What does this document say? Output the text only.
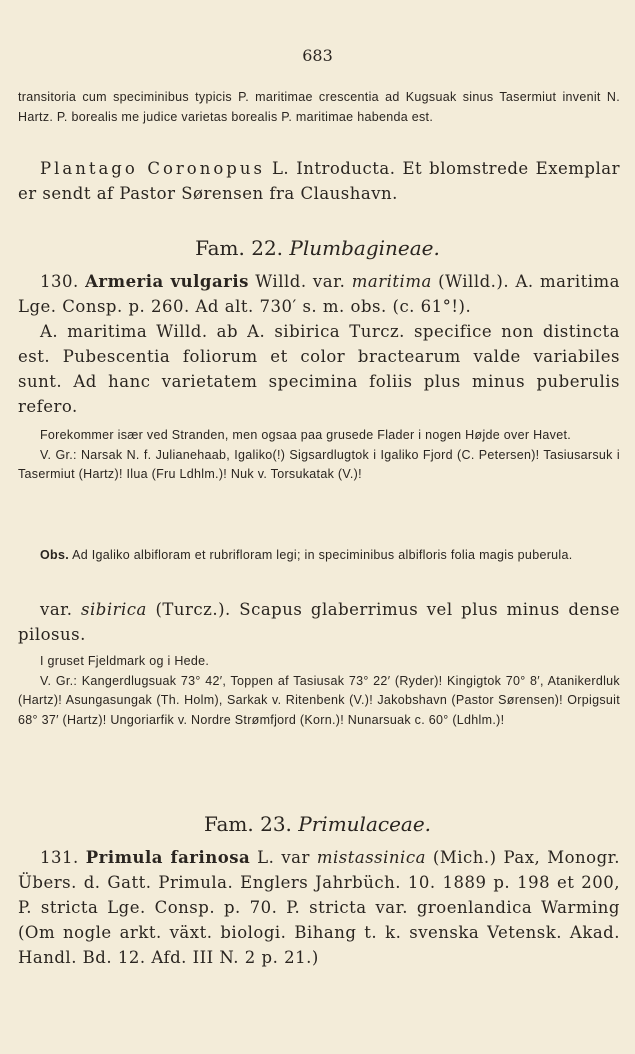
683

transitoria cum speciminibus typicis P. maritimae crescentia ad Kugsuak sinus Tasermiut invenit N. Hartz. P. borealis me judice varietas borealis P. maritimae habenda est.

Plantago Coronopus L. Introducta. Et blomstrede Exemplar er sendt af Pastor Sørensen fra Claushavn.

Fam. 22. Plumbagineae.

130. Armeria vulgaris Willd. var. maritima (Willd.). A. maritima Lge. Consp. p. 260. Ad alt. 730′ s. m. obs. (c. 61°!).

A. maritima Willd. ab A. sibirica Turcz. specifice non distincta est. Pubescentia foliorum et color bractearum valde variabiles sunt. Ad hanc varietatem specimina foliis plus minus puberulis refero.

Forekommer især ved Stranden, men ogsaa paa grusede Flader i nogen Højde over Havet.

V. Gr.: Narsak N. f. Julianehaab, Igaliko(!) Sigsardlugtok i Igaliko Fjord (C. Petersen)! Tasiusarsuk i Tasermiut (Hartz)! Ilua (Fru Ldhlm.)! Nuk v. Torsukatak (V.)!

Obs. Ad Igaliko albifloram et rubrifloram legi; in speciminibus albifloris folia magis puberula.

var. sibirica (Turcz.). Scapus glaberrimus vel plus minus dense pilosus.

I gruset Fjeldmark og i Hede.

V. Gr.: Kangerdlugsuak 73° 42′, Toppen af Tasiusak 73° 22′ (Ryder)! Kingigtok 70° 8′, Atanikerdluk (Hartz)! Asungasungak (Th. Holm), Sarkak v. Ritenbenk (V.)! Jakobshavn (Pastor Sørensen)! Orpigsuit 68° 37′ (Hartz)! Ungoriarfik v. Nordre Strømfjord (Korn.)! Nunarsuak c. 60° (Ldhlm.)!

Fam. 23. Primulaceae.

131. Primula farinosa L. var mistassinica (Mich.) Pax, Monogr. Übers. d. Gatt. Primula. Englers Jahrbüch. 10. 1889 p. 198 et 200, P. stricta Lge. Consp. p. 70. P. stricta var. groenlandica Warming (Om nogle arkt. växt. biologi. Bihang t. k. svenska Vetensk. Akad. Handl. Bd. 12. Afd. III N. 2 p. 21.)
